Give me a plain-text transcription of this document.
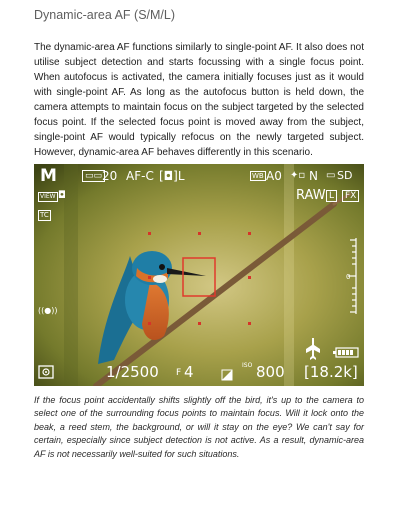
Dynamic-area AF (S/M/L)
The dynamic-area AF functions similarly to single-point AF. It also does not utilise subject detection and starts focussing with a single focus point. When autofocus is activated, the camera initially focuses just as it would with single-point AF. As long as the autofocus button is held down, the camera attempts to maintain focus on the subject targeted by the selected focus point. If the selected focus point is moved away from the subject, single-point AF would typically refocus on the newly targeted subject. However, dynamic-area AF behaves differently in this scenario.
0
M	▭▭ 20 AF-C [◘]L	WB A0 ✦▫ N ▭ SD
RAW L	FX
VIEW ◘
TC
((●))
1/2500 F 4	ISO 800 [18.2k]
If the focus point accidentally shifts slightly off the bird, it's up to the camera to select one of the surrounding focus points to maintain focus. Will it lock onto the beak, a reed stem, the background, or will it stay on the eye? We can't say for certain, especially since subject detection is not active. As a result, dynamic-area AF is not necessarily well-suited for such situations.
